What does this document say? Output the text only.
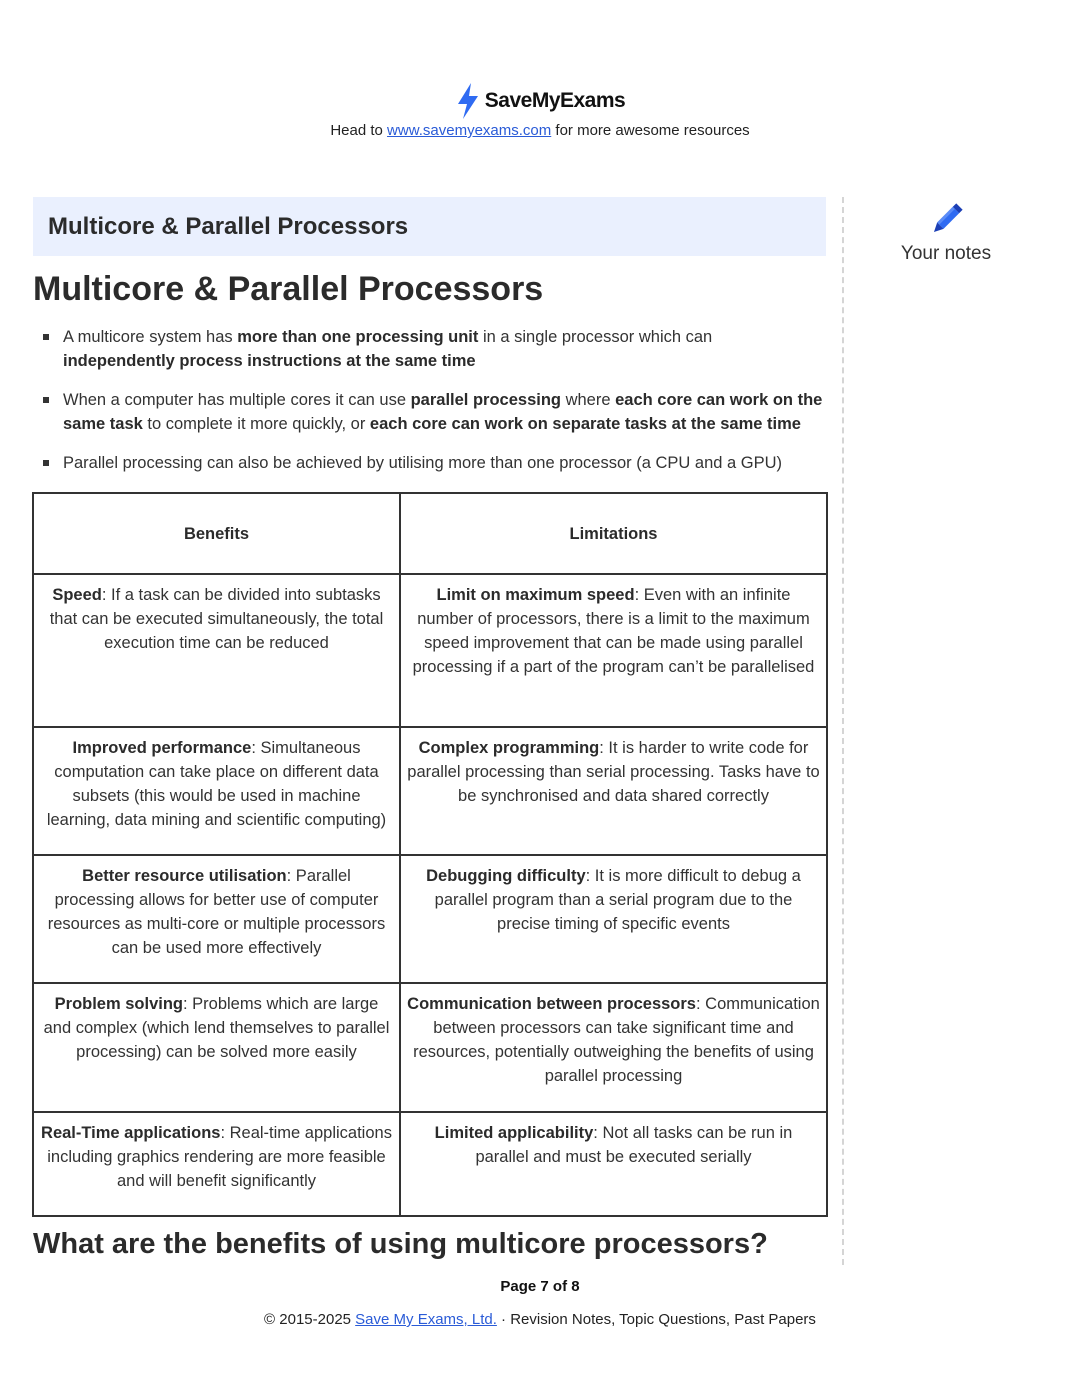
SaveMyExams
Head to www.savemyexams.com for more awesome resources
Multicore & Parallel Processors
Your notes
Multicore & Parallel Processors
A multicore system has more than one processing unit in a single processor which can independently process instructions at the same time
When a computer has multiple cores it can use parallel processing where each core can work on the same task to complete it more quickly, or each core can work on separate tasks at the same time
Parallel processing can also be achieved by utilising more than one processor (a CPU and a GPU)
Benefits	Limitations
Speed: If a task can be divided into subtasks that can be executed simultaneously, the total execution time can be reduced	Limit on maximum speed: Even with an infinite number of processors, there is a limit to the maximum speed improvement that can be made using parallel processing if a part of the program can’t be parallelised
Improved performance: Simultaneous computation can take place on different data subsets (this would be used in machine learning, data mining and scientific computing)	Complex programming: It is harder to write code for parallel processing than serial processing. Tasks have to be synchronised and data shared correctly
Better resource utilisation: Parallel processing allows for better use of computer resources as multi-core or multiple processors can be used more effectively	Debugging difficulty: It is more difficult to debug a parallel program than a serial program due to the precise timing of specific events
Problem solving: Problems which are large and complex (which lend themselves to parallel processing) can be solved more easily	Communication between processors: Communication between processors can take significant time and resources, potentially outweighing the benefits of using parallel processing
Real-Time applications: Real-time applications including graphics rendering are more feasible and will benefit significantly	Limited applicability: Not all tasks can be run in parallel and must be executed serially
What are the benefits of using multicore processors?
Page 7 of 8
© 2015-2025 Save My Exams, Ltd. · Revision Notes, Topic Questions, Past Papers
